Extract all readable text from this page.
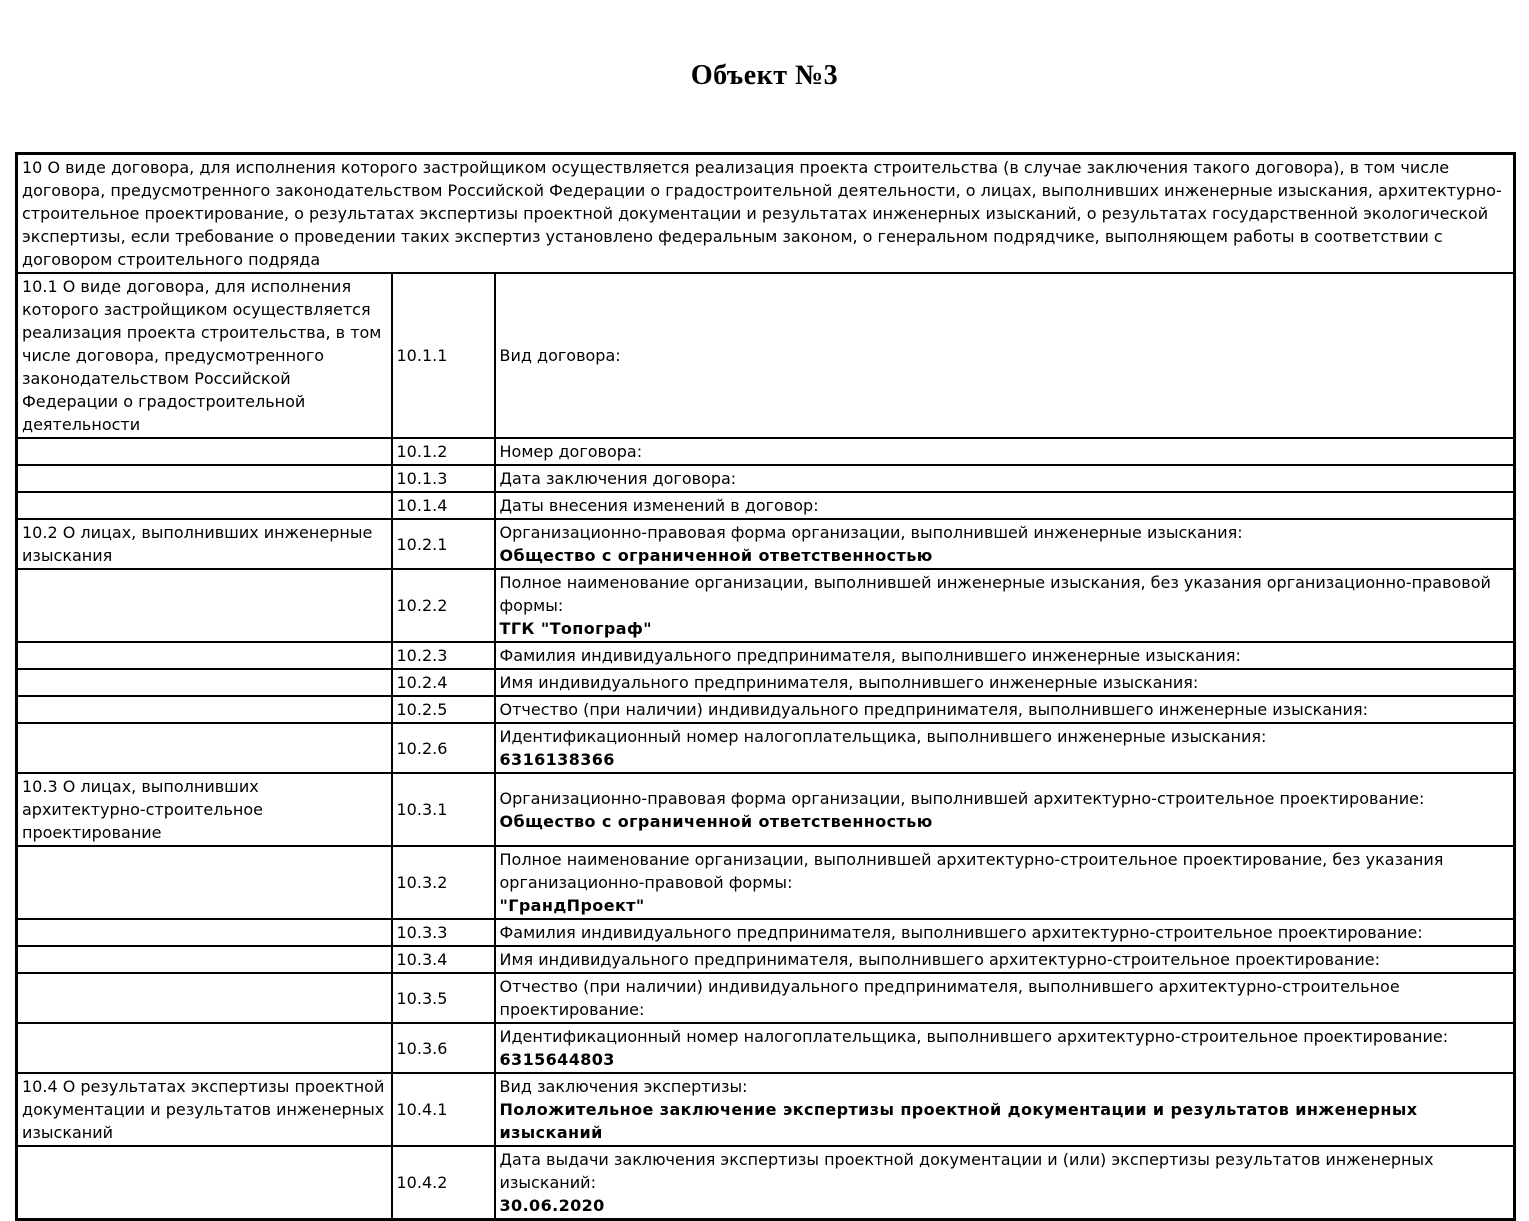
Объект №3
10 О виде договора, для исполнения которого застройщиком осуществляется реализация проекта строительства (в случае заключения такого договора), в том числе договора, предусмотренного законодательством Российской Федерации о градостроительной деятельности, о лицах, выполнивших инженерные изыскания, архитектурно-строительное проектирование, о результатах экспертизы проектной документации и результатах инженерных изысканий, о результатах государственной экологической экспертизы, если требование о проведении таких экспертиз установлено федеральным законом, о генеральном подрядчике, выполняющем работы в соответствии с договором строительного подряда		
10.1 О виде договора, для исполнения которого застройщиком осуществляется реализация проекта строительства, в том числе договора, предусмотренного законодательством Российской Федерации о градостроительной деятельности	10.1.1	Вид договора:

	10.1.2	Номер договора:

	10.1.3	Дата заключения договора:

	10.1.4	Даты внесения изменений в договор:

10.2 О лицах, выполнивших инженерные изыскания	10.2.1	Организационно-правовая форма организации, выполнившей инженерные изыскания:
Общество с ограниченной ответственностью

	10.2.2	Полное наименование организации, выполнившей инженерные изыскания, без указания организационно-правовой формы:
ТГК "Топограф"

	10.2.3	Фамилия индивидуального предпринимателя, выполнившего инженерные изыскания:

	10.2.4	Имя индивидуального предпринимателя, выполнившего инженерные изыскания:

	10.2.5	Отчество (при наличии) индивидуального предпринимателя, выполнившего инженерные изыскания:

	10.2.6	Идентификационный номер налогоплательщика, выполнившего инженерные изыскания:
6316138366

10.3 О лицах, выполнивших архитектурно-строительное проектирование	10.3.1	Организационно-правовая форма организации, выполнившей архитектурно-строительное проектирование:
Общество с ограниченной ответственностью

	10.3.2	Полное наименование организации, выполнившей архитектурно-строительное проектирование, без указания организационно-правовой формы:
"ГрандПроект"

	10.3.3	Фамилия индивидуального предпринимателя, выполнившего архитектурно-строительное проектирование:

	10.3.4	Имя индивидуального предпринимателя, выполнившего архитектурно-строительное проектирование:

	10.3.5	Отчество (при наличии) индивидуального предпринимателя, выполнившего архитектурно-строительное проектирование:

	10.3.6	Идентификационный номер налогоплательщика, выполнившего архитектурно-строительное проектирование:
6315644803

10.4 О результатах экспертизы проектной документации и результатов инженерных изысканий	10.4.1	Вид заключения экспертизы:
Положительное заключение экспертизы проектной документации и результатов инженерных изысканий

	10.4.2	Дата выдачи заключения экспертизы проектной документации и (или) экспертизы результатов инженерных изысканий:
30.06.2020
